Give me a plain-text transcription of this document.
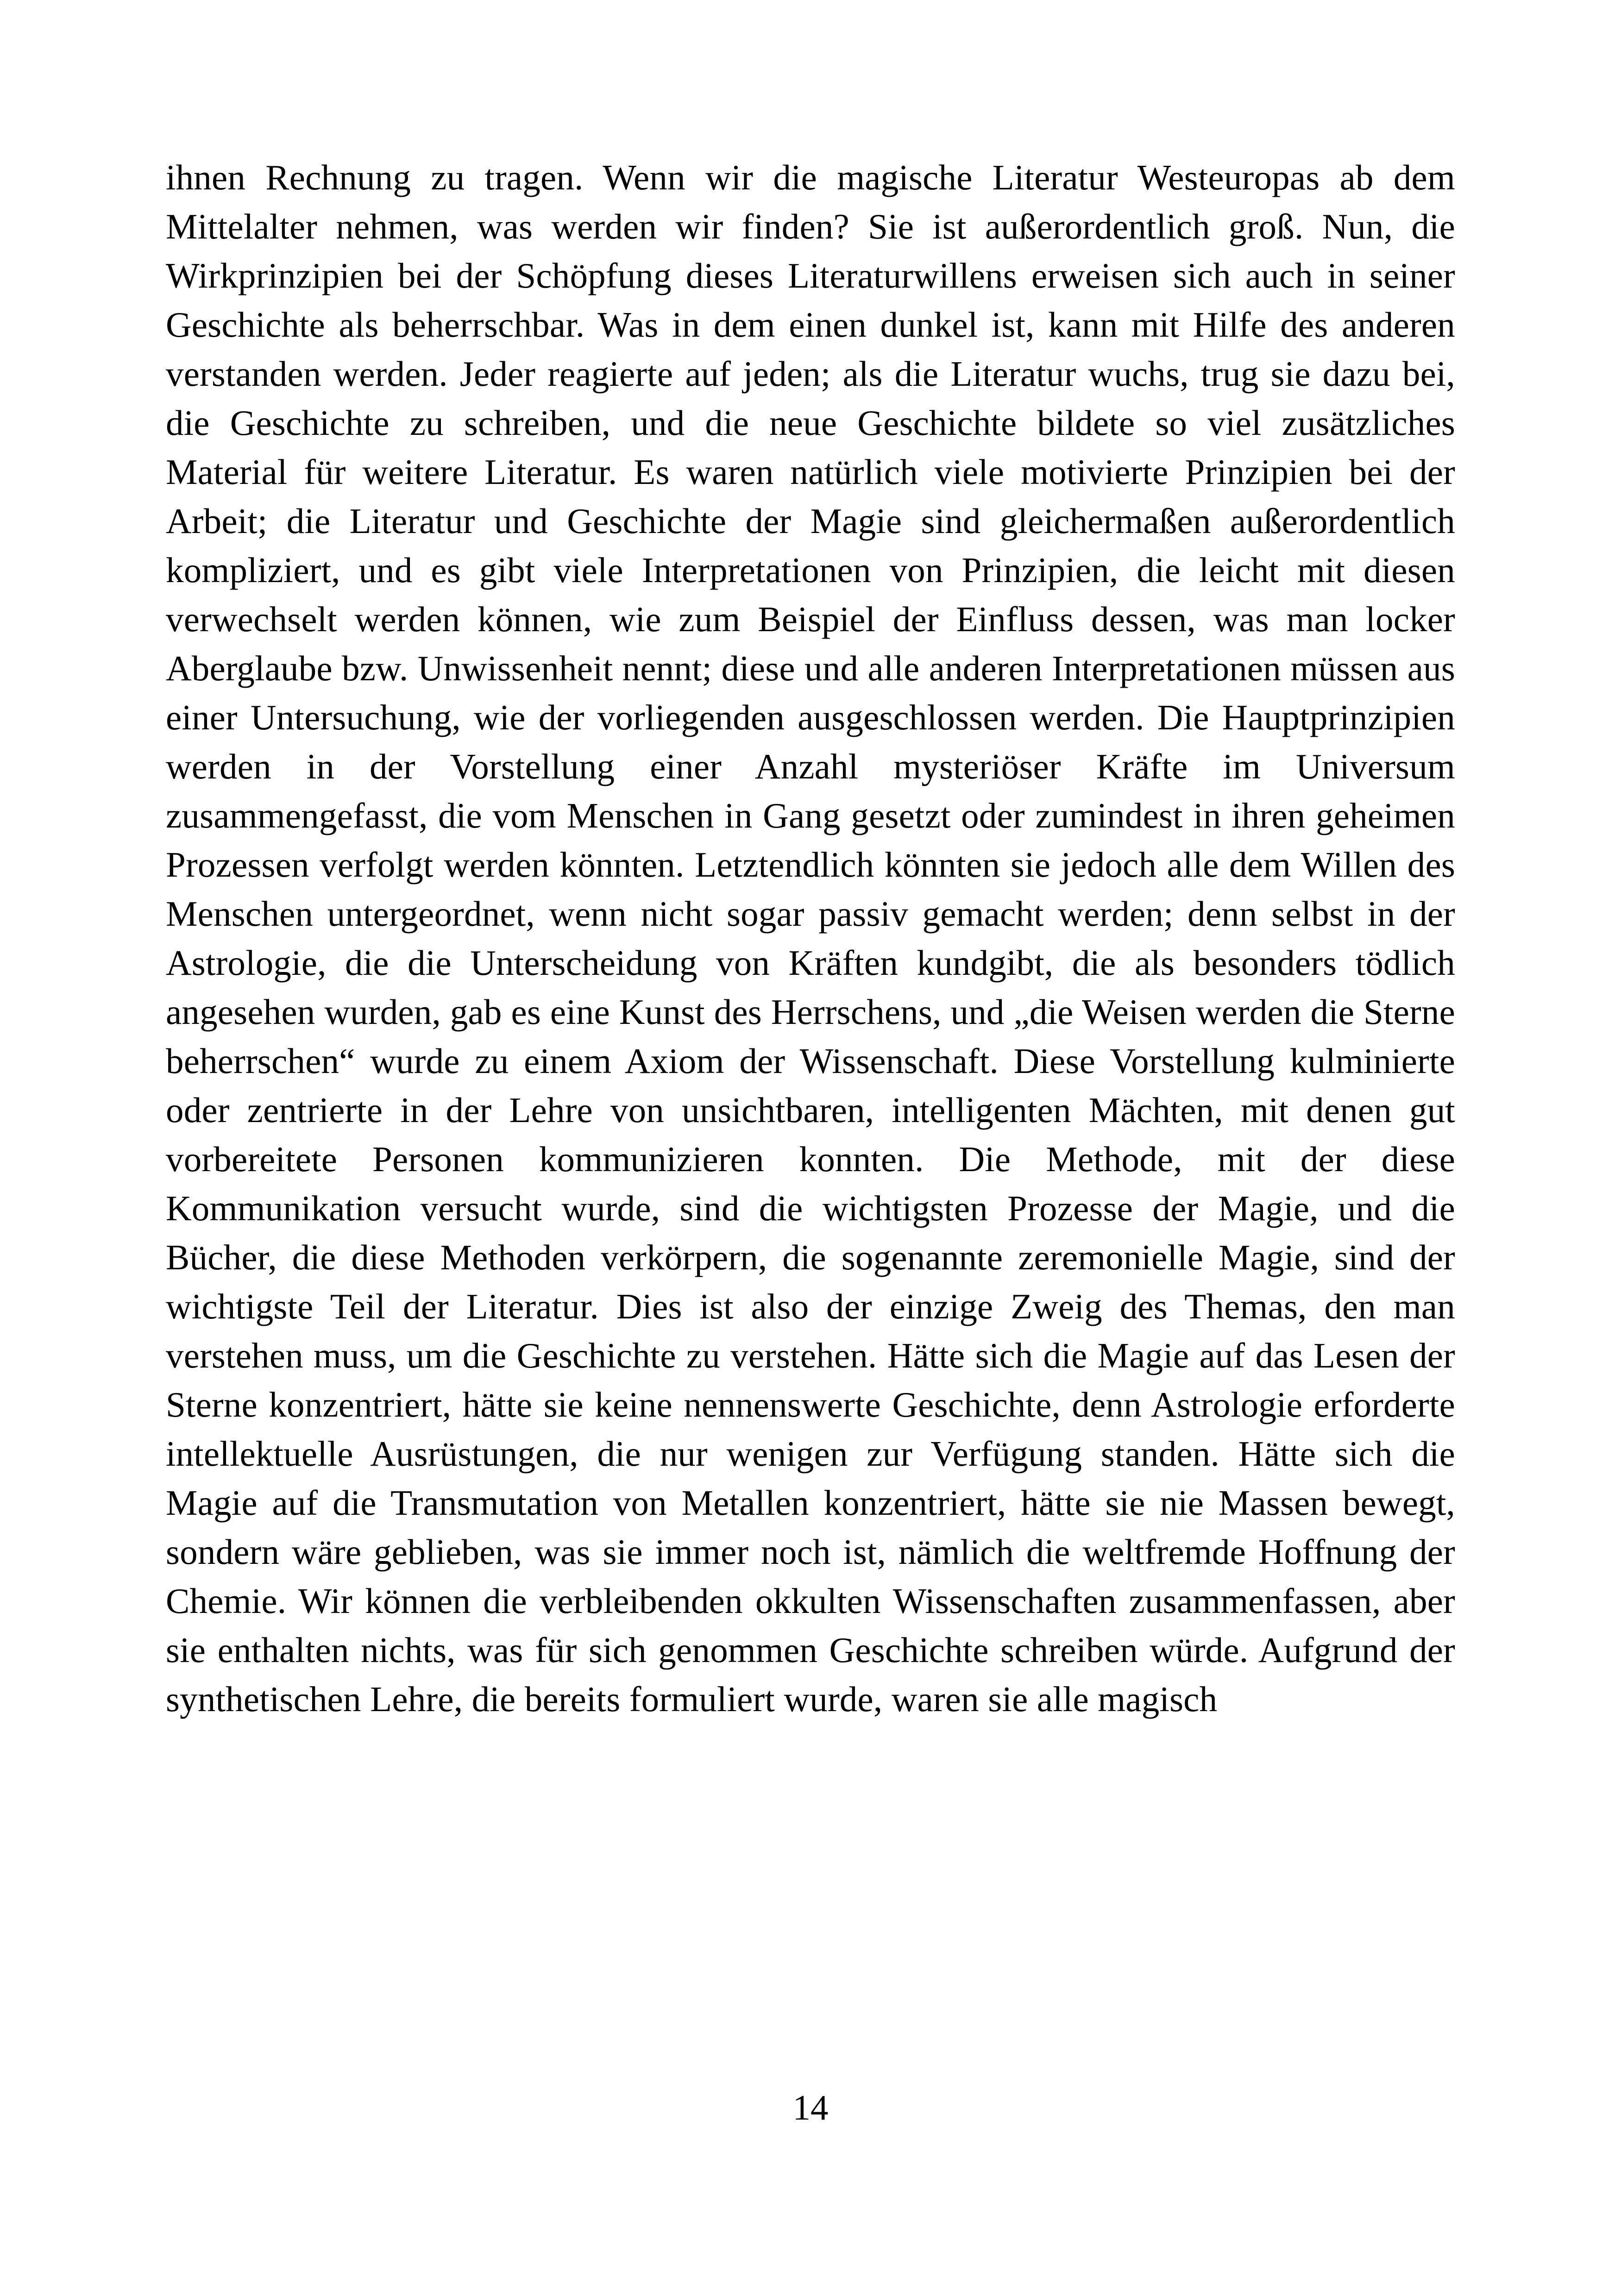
ihnen Rechnung zu tragen. Wenn wir die magische Literatur Westeuropas ab dem Mittelalter nehmen, was werden wir finden? Sie ist außerordentlich groß. Nun, die Wirkprinzipien bei der Schöpfung dieses Literaturwillens erweisen sich auch in seiner Geschichte als beherrschbar. Was in dem einen dunkel ist, kann mit Hilfe des anderen verstanden werden. Jeder reagierte auf jeden; als die Literatur wuchs, trug sie dazu bei, die Geschichte zu schreiben, und die neue Geschichte bildete so viel zusätzliches Material für weitere Literatur. Es waren natürlich viele motivierte Prinzipien bei der Arbeit; die Literatur und Geschichte der Magie sind gleichermaßen außerordentlich kompliziert, und es gibt viele Interpretationen von Prinzipien, die leicht mit diesen verwechselt werden können, wie zum Beispiel der Einfluss dessen, was man locker Aberglaube bzw. Unwissenheit nennt; diese und alle anderen Interpretationen müssen aus einer Untersuchung, wie der vorliegenden ausgeschlossen werden. Die Hauptprinzipien werden in der Vorstellung einer Anzahl mysteriöser Kräfte im Universum zusammengefasst, die vom Menschen in Gang gesetzt oder zumindest in ihren geheimen Prozessen verfolgt werden könnten. Letztendlich könnten sie jedoch alle dem Willen des Menschen untergeordnet, wenn nicht sogar passiv gemacht werden; denn selbst in der Astrologie, die die Unterscheidung von Kräften kundgibt, die als besonders tödlich angesehen wurden, gab es eine Kunst des Herrschens, und „die Weisen werden die Sterne beherrschen“ wurde zu einem Axiom der Wissenschaft. Diese Vorstellung kulminierte oder zentrierte in der Lehre von unsichtbaren, intelligenten Mächten, mit denen gut vorbereitete Personen kommunizieren konnten. Die Methode, mit der diese Kommunikation versucht wurde, sind die wichtigsten Prozesse der Magie, und die Bücher, die diese Methoden verkörpern, die sogenannte zeremonielle Magie, sind der wichtigste Teil der Literatur. Dies ist also der einzige Zweig des Themas, den man verstehen muss, um die Geschichte zu verstehen. Hätte sich die Magie auf das Lesen der Sterne konzentriert, hätte sie keine nennenswerte Geschichte, denn Astrologie erforderte intellektuelle Ausrüstungen, die nur wenigen zur Verfügung standen. Hätte sich die Magie auf die Transmutation von Metallen konzentriert, hätte sie nie Massen bewegt, sondern wäre geblieben, was sie immer noch ist, nämlich die weltfremde Hoffnung der Chemie. Wir können die verbleibenden okkulten Wissenschaften zusammenfassen, aber sie enthalten nichts, was für sich genommen Geschichte schreiben würde. Aufgrund der synthetischen Lehre, die bereits formuliert wurde, waren sie alle magisch
14
